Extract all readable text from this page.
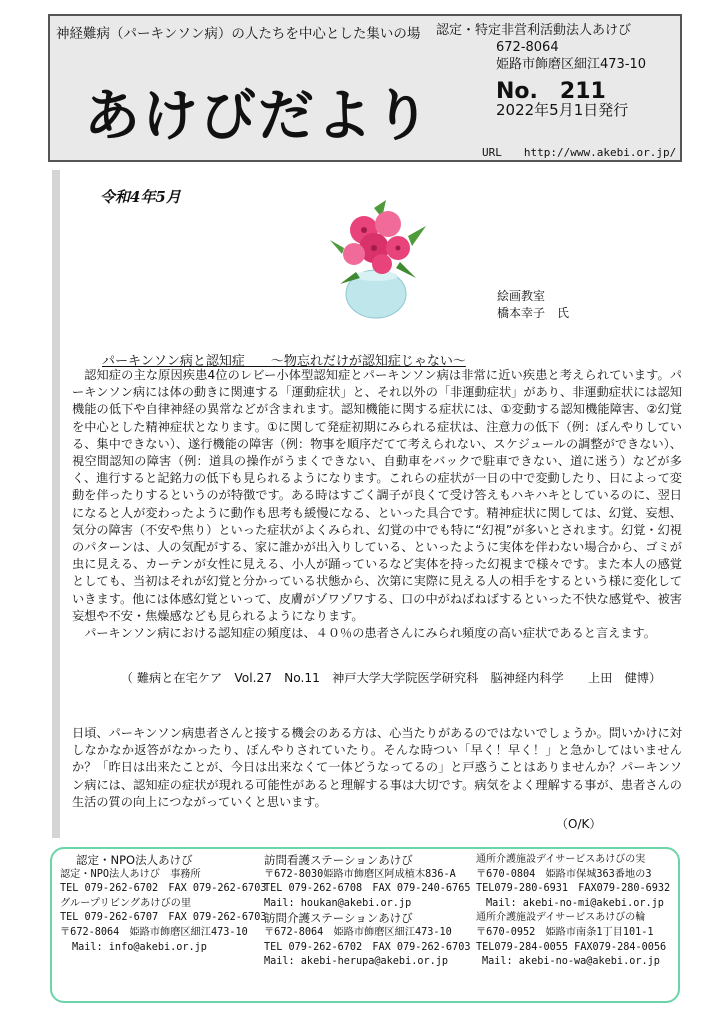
神経難病（パーキンソン病）の人たちを中心とした集いの場
あけびだより
認定・特定非営利活動法人あけび
672-8064
姫路市飾磨区細江473-10
No.　211
2022年5月1日発行
URL　　http://www.akebi.or.jp/
令和4年5月
絵画教室
橋本幸子　氏
パーキンソン病と認知症　　～物忘れだけが認知症じゃない～

認知症の主な原因疾患4位のレビー小体型認知症とパーキンソン病は非常に近い疾患と考えられています。パーキンソン病には体の動きに関連する「運動症状」と、それ以外の「非運動症状」があり、非運動症状には認知機能の低下や自律神経の異常などが含まれます。認知機能に関する症状には、①変動する認知機能障害、②幻覚を中心とした精神症状となります。①に関して発症初期にみられる症状は、注意力の低下（例：ぼんやりしている、集中できない）、遂行機能の障害（例：物事を順序だてて考えられない、スケジュールの調整ができない）、視空間認知の障害（例：道具の操作がうまくできない、自動車をバックで駐車できない、道に迷う）などが多く、進行すると記銘力の低下も見られるようになります。これらの症状が一日の中で変動したり、日によって変動を伴ったりするというのが特徴です。ある時はすごく調子が良くて受け答えもハキハキとしているのに、翌日になると人が変わったように動作も思考も緩慢になる、といった具合です。精神症状に関しては、幻覚、妄想、気分の障害（不安や焦り）といった症状がよくみられ、幻覚の中でも特に“幻視”が多いとされます。幻覚・幻視のパターンは、人の気配がする、家に誰かが出入りしている、といったように実体を伴わない場合から、ゴミが虫に見える、カーテンが女性に見える、小人が踊っているなど実体を持った幻視まで様々です。また本人の感覚としても、当初はそれが幻覚と分かっている状態から、次第に実際に見える人の相手をするという様に変化していきます。他には体感幻覚といって、皮膚がゾワゾワする、口の中がねばねばするといった不快な感覚や、被害妄想や不安・焦燥感なども見られるようになります。

パーキンソン病における認知症の頻度は、４０％の患者さんにみられ頻度の高い症状であると言えます。

（ 難病と在宅ケア　Vol.27　No.11　神戸大学大学院医学研究科　脳神経内科学　　上田　健博）

日頃、パーキンソン病患者さんと接する機会のある方は、心当たりがあるのではないでしょうか。問いかけに対しなかなか返答がなかったり、ぼんやりされていたり。そんな時つい「早く！早く！」と急かしてはいませんか？「昨日は出来たことが、今日は出来なくて一体どうなってるの」と戸惑うことはありませんか？パーキンソン病には、認知症の症状が現れる可能性があると理解する事は大切です。病気をよく理解する事が、患者さんの生活の質の向上につながっていくと思います。

（O/K）
認定・NPO法人あけび
認定・NPO法人あけび　事務所
TEL 079-262-6702　FAX 079-262-6703
グループリビングあけびの里
TEL 079-262-6707　FAX 079-262-6703
〒672-8064　姫路市飾磨区細江473-10
Mail: info@akebi.or.jp
訪問看護ステーションあけび
〒672-8030姫路市飾磨区阿成植木836-A
TEL 079-262-6708　FAX 079-240-6765
Mail: houkan@akebi.or.jp
訪問介護ステーションあけび
〒672-8064　姫路市飾磨区細江473-10
TEL 079-262-6702　FAX 079-262-6703
Mail: akebi-herupa@akebi.or.jp
通所介護施設デイサービスあけびの実
〒670-0804　姫路市保城363番地の3
TEL079-280-6931　FAX079-280-6932
Mail: akebi-no-mi@akebi.or.jp
通所介護施設デイサービスあけびの輪
〒670-0952　姫路市南条1丁目101-1
TEL079-284-0055 FAX079-284-0056
Mail: akebi-no-wa@akebi.or.jp
